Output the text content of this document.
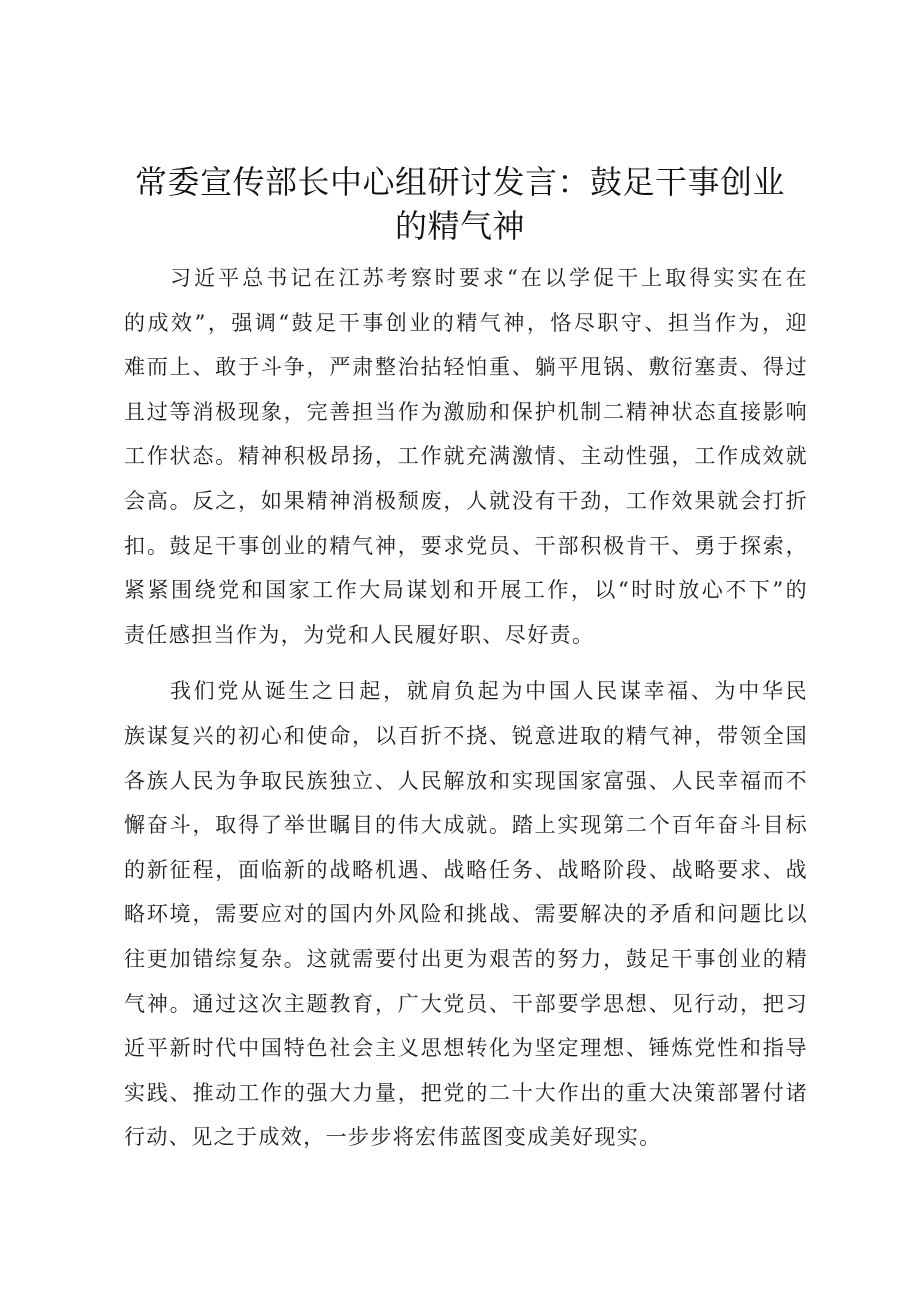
常委宣传部长中心组研讨发言：鼓足干事创业
的精气神

习近平总书记在江苏考察时要求“在以学促干上取得实实在在
的成效”，强调“鼓足干事创业的精气神，恪尽职守、担当作为，迎
难而上、敢于斗争，严肃整治拈轻怕重、躺平甩锅、敷衍塞责、得过
且过等消极现象，完善担当作为激励和保护机制二精神状态直接影响
工作状态。精神积极昂扬，工作就充满激情、主动性强，工作成效就
会高。反之，如果精神消极颓废，人就没有干劲，工作效果就会打折
扣。鼓足干事创业的精气神，要求党员、干部积极肯干、勇于探索，
紧紧围绕党和国家工作大局谋划和开展工作，以“时时放心不下”的
责任感担当作为，为党和人民履好职、尽好责。

我们党从诞生之日起，就肩负起为中国人民谋幸福、为中华民
族谋复兴的初心和使命，以百折不挠、锐意进取的精气神，带领全国
各族人民为争取民族独立、人民解放和实现国家富强、人民幸福而不
懈奋斗，取得了举世瞩目的伟大成就。踏上实现第二个百年奋斗目标
的新征程，面临新的战略机遇、战略任务、战略阶段、战略要求、战
略环境，需要应对的国内外风险和挑战、需要解决的矛盾和问题比以
往更加错综复杂。这就需要付出更为艰苦的努力，鼓足干事创业的精
气神。通过这次主题教育，广大党员、干部要学思想、见行动，把习
近平新时代中国特色社会主义思想转化为坚定理想、锤炼党性和指导
实践、推动工作的强大力量，把党的二十大作出的重大决策部署付诸
行动、见之于成效，一步步将宏伟蓝图变成美好现实。
